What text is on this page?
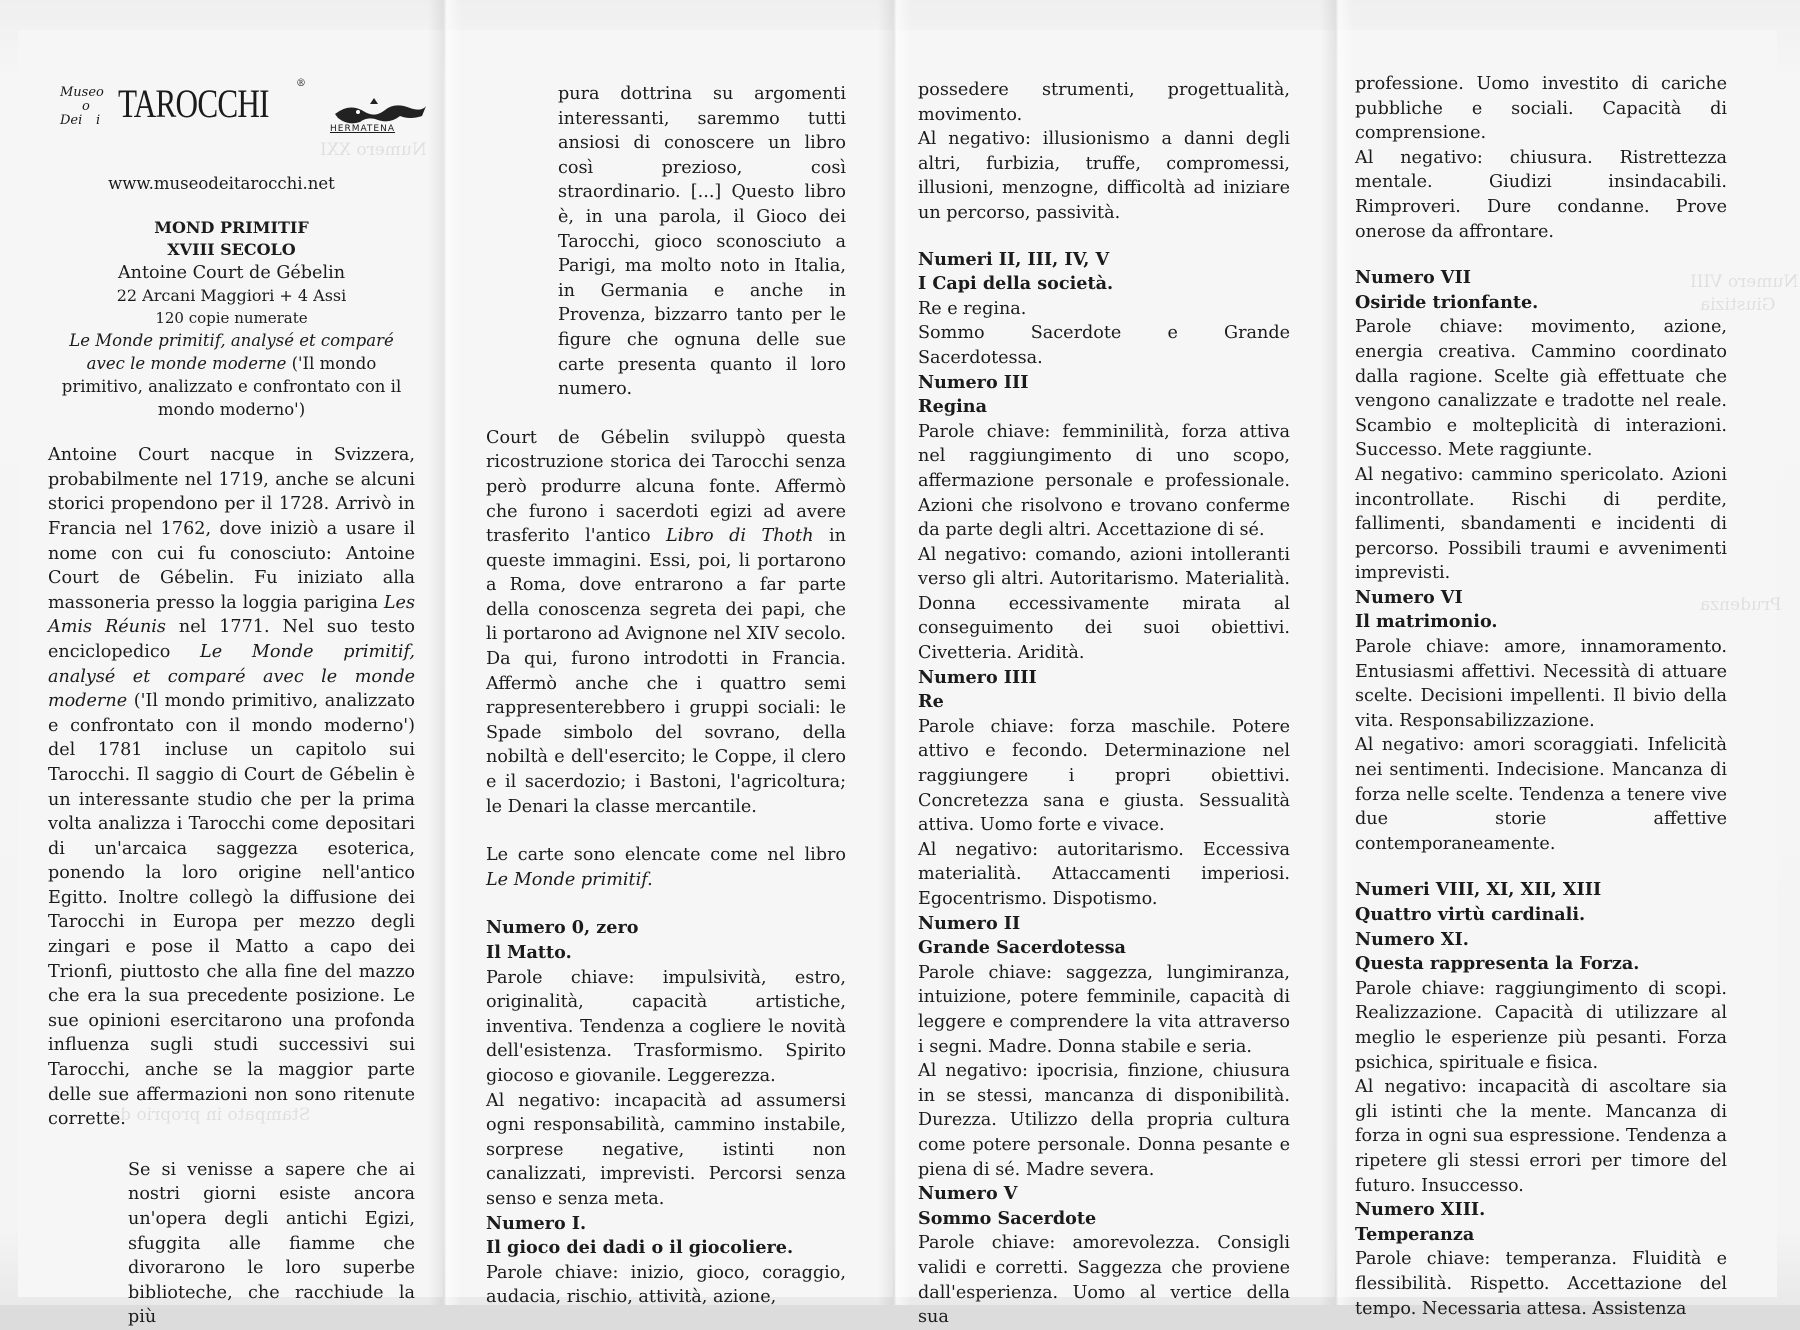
Stampato in proprio da
Numero XXI
Giustizia
Prudenza
Numero VIII
Museo
o
Dei i TAROCCHI	®
HERMATENA

www.museodeitarocchi.net

MOND PRIMITIF

XVIII SECOLO

Antoine Court de Gébelin

22 Arcani Maggiori + 4 Assi

120 copie numerate

Le Monde primitif, analysé et comparé avec le monde moderne ('Il mondo primitivo, analizzato e confrontato con il mondo moderno')

Antoine Court nacque in Svizzera, probabilmente nel 1719, anche se alcuni storici propendono per il 1728. Arrivò in Francia nel 1762, dove iniziò a usare il nome con cui fu conosciuto: Antoine Court de Gébelin. Fu iniziato alla massoneria presso la loggia parigina Les Amis Réunis nel 1771. Nel suo testo enciclopedico Le Monde primitif, analysé et comparé avec le monde moderne ('Il mondo primitivo, analizzato e confrontato con il mondo moderno') del 1781 incluse un capitolo sui Tarocchi. Il saggio di Court de Gébelin è un interessante studio che per la prima volta analizza i Tarocchi come depositari di un'arcaica saggezza esoterica, ponendo la loro origine nell'antico Egitto. Inoltre collegò la diffusione dei Tarocchi in Europa per mezzo degli zingari e pose il Matto a capo dei Trionfi, piuttosto che alla fine del mazzo che era la sua precedente posizione. Le sue opinioni esercitarono una profonda influenza sugli studi successivi sui Tarocchi, anche se la maggior parte delle sue affermazioni non sono ritenute corrette.

Se si venisse a sapere che ai nostri giorni esiste ancora un'opera degli antichi Egizi, sfuggita alle fiamme che divorarono le loro superbe biblioteche, che racchiude la più

pura dottrina su argomenti interessanti, saremmo tutti ansiosi di conoscere un libro così prezioso, così straordinario. [...] Questo libro è, in una parola, il Gioco dei Tarocchi, gioco sconosciuto a Parigi, ma molto noto in Italia, in Germania e anche in Provenza, bizzarro tanto per le figure che ognuna delle sue carte presenta quanto il loro numero.

Court de Gébelin sviluppò questa ricostruzione storica dei Tarocchi senza però produrre alcuna fonte. Affermò che furono i sacerdoti egizi ad avere trasferito l'antico Libro di Thoth in queste immagini. Essi, poi, li portarono a Roma, dove entrarono a far parte della conoscenza segreta dei papi, che li portarono ad Avignone nel XIV secolo. Da qui, furono introdotti in Francia. Affermò anche che i quattro semi rappresenterebbero i gruppi sociali: le Spade simbolo del sovrano, della nobiltà e dell'esercito; le Coppe, il clero e il sacerdozio; i Bastoni, l'agricoltura; le Denari la classe mercantile.

Le carte sono elencate come nel libro Le Monde primitif.

Numero 0, zero

Il Matto.

Parole chiave: impulsività, estro, originalità, capacità artistiche, inventiva. Tendenza a cogliere le novità dell'esistenza. Trasformismo. Spirito giocoso e giovanile. Leggerezza.

Al negativo: incapacità ad assumersi ogni responsabilità, cammino instabile, sorprese negative, istinti non canalizzati, imprevisti. Percorsi senza senso e senza meta.

Numero I.

Il gioco dei dadi o il giocoliere.

Parole chiave: inizio, gioco, coraggio, audacia, rischio, attività, azione,

possedere strumenti, progettualità, movimento.

Al negativo: illusionismo a danni degli altri, furbizia, truffe, compromessi, illusioni, menzogne, difficoltà ad iniziare un percorso, passività.

Numeri II, III, IV, V

I Capi della società.

Re e regina.

Sommo Sacerdote e Grande Sacerdotessa.

Numero III

Regina

Parole chiave: femminilità, forza attiva nel raggiungimento di uno scopo, affermazione personale e professionale. Azioni che risolvono e trovano conferme da parte degli altri. Accettazione di sé.

Al negativo: comando, azioni intolleranti verso gli altri. Autoritarismo. Materialità. Donna eccessivamente mirata al conseguimento dei suoi obiettivi. Civetteria. Aridità.

Numero IIII

Re

Parole chiave: forza maschile. Potere attivo e fecondo. Determinazione nel raggiungere i propri obiettivi. Concretezza sana e giusta. Sessualità attiva. Uomo forte e vivace.

Al negativo: autoritarismo. Eccessiva materialità. Attaccamenti imperiosi. Egocentrismo. Dispotismo.

Numero II

Grande Sacerdotessa

Parole chiave: saggezza, lungimiranza, intuizione, potere femminile, capacità di leggere e comprendere la vita attraverso i segni. Madre. Donna stabile e seria.

Al negativo: ipocrisia, finzione, chiusura in se stessi, mancanza di disponibilità. Durezza. Utilizzo della propria cultura come potere personale. Donna pesante e piena di sé. Madre severa.

Numero V

Sommo Sacerdote

Parole chiave: amorevolezza. Consigli validi e corretti. Saggezza che proviene dall'esperienza. Uomo al vertice della sua

professione. Uomo investito di cariche pubbliche e sociali. Capacità di comprensione.

Al negativo: chiusura. Ristrettezza mentale. Giudizi insindacabili. Rimproveri. Dure condanne. Prove onerose da affrontare.

Numero VII

Osiride trionfante.

Parole chiave: movimento, azione, energia creativa. Cammino coordinato dalla ragione. Scelte già effettuate che vengono canalizzate e tradotte nel reale. Scambio e molteplicità di interazioni. Successo. Mete raggiunte.

Al negativo: cammino spericolato. Azioni incontrollate. Rischi di perdite, fallimenti, sbandamenti e incidenti di percorso. Possibili traumi e avvenimenti imprevisti.

Numero VI

Il matrimonio.

Parole chiave: amore, innamoramento. Entusiasmi affettivi. Necessità di attuare scelte. Decisioni impellenti. Il bivio della vita. Responsabilizzazione.

Al negativo: amori scoraggiati. Infelicità nei sentimenti. Indecisione. Mancanza di forza nelle scelte. Tendenza a tenere vive due storie affettive contemporaneamente.

Numeri VIII, XI, XII, XIII

Quattro virtù cardinali.

Numero XI.

Questa rappresenta la Forza.

Parole chiave: raggiungimento di scopi. Realizzazione. Capacità di utilizzare al meglio le esperienze più pesanti. Forza psichica, spirituale e fisica.

Al negativo: incapacità di ascoltare sia gli istinti che la mente. Mancanza di forza in ogni sua espressione. Tendenza a ripetere gli stessi errori per timore del futuro. Insuccesso.

Numero XIII.

Temperanza

Parole chiave: temperanza. Fluidità e flessibilità. Rispetto. Accettazione del tempo. Necessaria attesa. Assistenza
